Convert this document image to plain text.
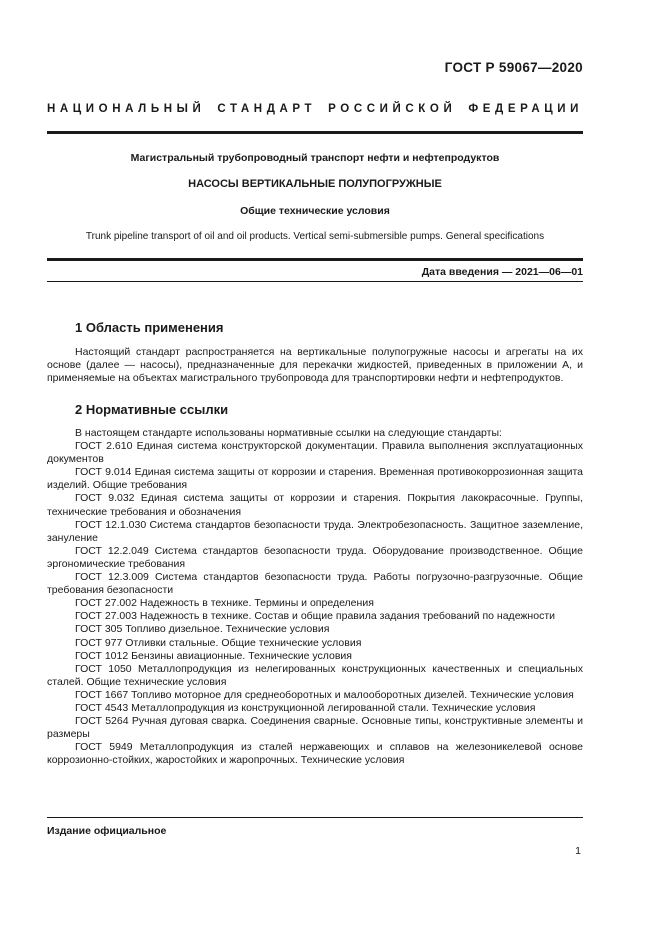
ГОСТ Р 59067—2020
НАЦИОНАЛЬНЫЙ СТАНДАРТ РОССИЙСКОЙ ФЕДЕРАЦИИ
Магистральный трубопроводный транспорт нефти и нефтепродуктов
НАСОСЫ ВЕРТИКАЛЬНЫЕ ПОЛУПОГРУЖНЫЕ
Общие технические условия
Trunk pipeline transport of oil and oil products. Vertical semi-submersible pumps. General specifications
Дата введения — 2021—06—01
1 Область применения

Настоящий стандарт распространяется на вертикальные полупогружные насосы и агрегаты на их основе (далее — насосы), предназначенные для перекачки жидкостей, приведенных в приложении А, и применяемые на объектах магистрального трубопровода для транспортировки нефти и нефтепродуктов.

2 Нормативные ссылки

В настоящем стандарте использованы нормативные ссылки на следующие стандарты:

ГОСТ 2.610 Единая система конструкторской документации. Правила выполнения эксплуатационных документов

ГОСТ 9.014 Единая система защиты от коррозии и старения. Временная противокоррозионная защита изделий. Общие требования

ГОСТ 9.032 Единая система защиты от коррозии и старения. Покрытия лакокрасочные. Группы, технические требования и обозначения

ГОСТ 12.1.030 Система стандартов безопасности труда. Электробезопасность. Защитное заземление, зануление

ГОСТ 12.2.049 Система стандартов безопасности труда. Оборудование производственное. Общие эргономические требования

ГОСТ 12.3.009 Система стандартов безопасности труда. Работы погрузочно-разгрузочные. Общие требования безопасности

ГОСТ 27.002 Надежность в технике. Термины и определения

ГОСТ 27.003 Надежность в технике. Состав и общие правила задания требований по надежности

ГОСТ 305 Топливо дизельное. Технические условия

ГОСТ 977 Отливки стальные. Общие технические условия

ГОСТ 1012 Бензины авиационные. Технические условия

ГОСТ 1050 Металлопродукция из нелегированных конструкционных качественных и специальных сталей. Общие технические условия

ГОСТ 1667 Топливо моторное для среднеоборотных и малооборотных дизелей. Технические условия

ГОСТ 4543 Металлопродукция из конструкционной легированной стали. Технические условия

ГОСТ 5264 Ручная дуговая сварка. Соединения сварные. Основные типы, конструктивные элементы и размеры

ГОСТ 5949 Металлопродукция из сталей нержавеющих и сплавов на железоникелевой основе коррозионно-стойких, жаростойких и жаропрочных. Технические условия

Издание официальное
1
